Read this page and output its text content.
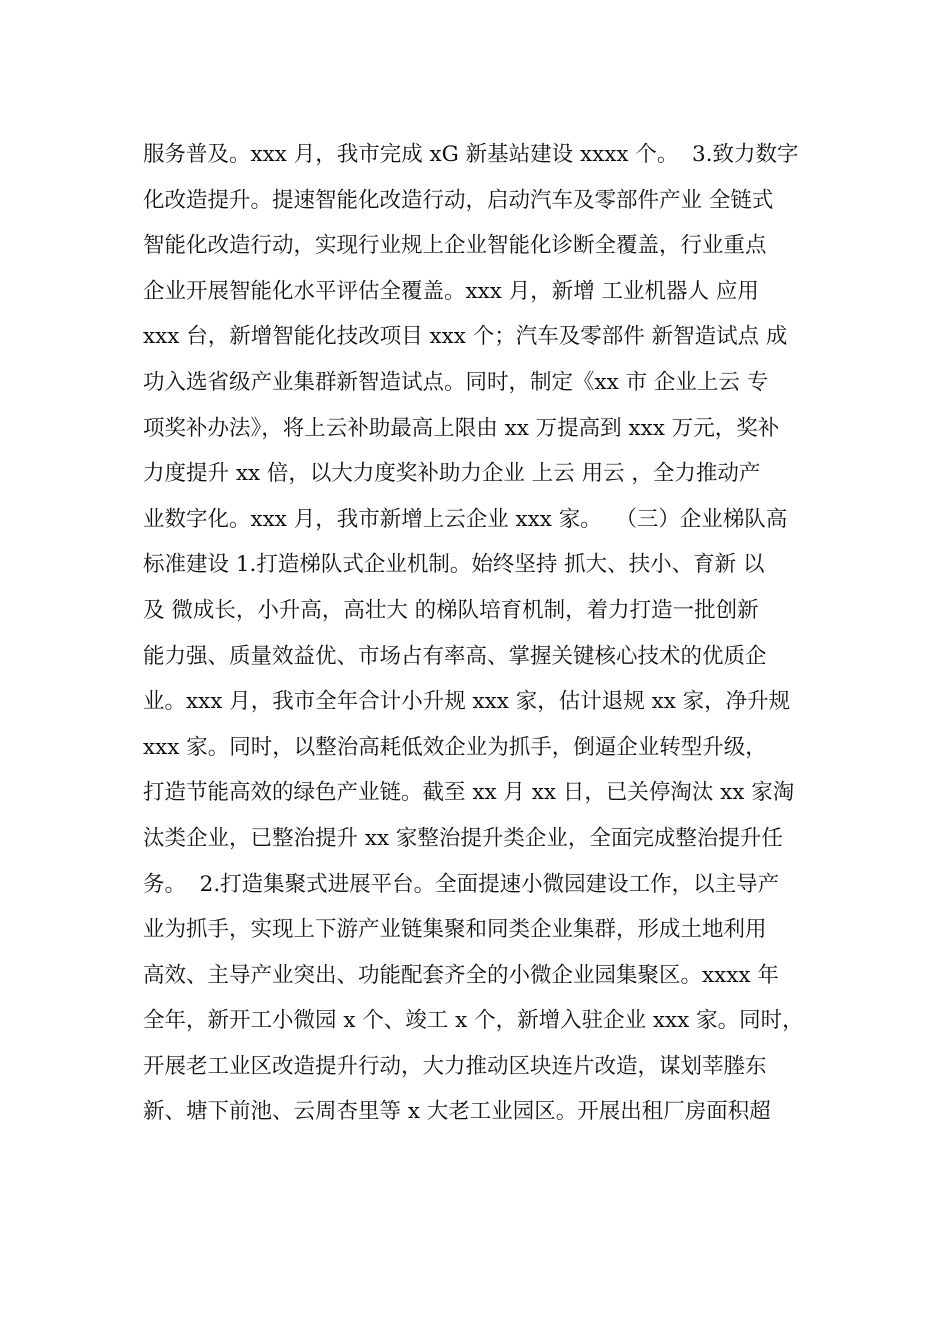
服务普及。xxx 月，我市完成 xG 新基站建设 xxxx 个。  3.致力数字
化改造提升。提速智能化改造行动，启动汽车及零部件产业 全链式
智能化改造行动，实现行业规上企业智能化诊断全覆盖，行业重点
企业开展智能化水平评估全覆盖。xxx 月，新增 工业机器人 应用
xxx 台，新增智能化技改项目 xxx 个；汽车及零部件 新智造试点 成
功入选省级产业集群新智造试点。同时，制定《xx 市 企业上云 专
项奖补办法》，将上云补助最高上限由 xx 万提高到 xxx 万元，奖补
力度提升 xx 倍，以大力度奖补助力企业 上云 用云 ，全力推动产
业数字化。xxx 月，我市新增上云企业 xxx 家。  （三）企业梯队高
标准建设 1.打造梯队式企业机制。始终坚持 抓大、扶小、育新 以
及 微成长，小升高，高壮大 的梯队培育机制，着力打造一批创新
能力强、质量效益优、市场占有率高、掌握关键核心技术的优质企
业。xxx 月，我市全年合计小升规 xxx 家，估计退规 xx 家，净升规
xxx 家。同时，以整治高耗低效企业为抓手，倒逼企业转型升级，
打造节能高效的绿色产业链。截至 xx 月 xx 日，已关停淘汰 xx 家淘
汰类企业，已整治提升 xx 家整治提升类企业，全面完成整治提升任
务。  2.打造集聚式进展平台。全面提速小微园建设工作，以主导产
业为抓手，实现上下游产业链集聚和同类企业集群，形成土地利用
高效、主导产业突出、功能配套齐全的小微企业园集聚区。xxxx 年
全年，新开工小微园 x 个、竣工 x 个，新增入驻企业 xxx 家。同时，
开展老工业区改造提升行动，大力推动区块连片改造，谋划莘塍东
新、塘下前池、云周杏里等 x 大老工业园区。开展出租厂房面积超
